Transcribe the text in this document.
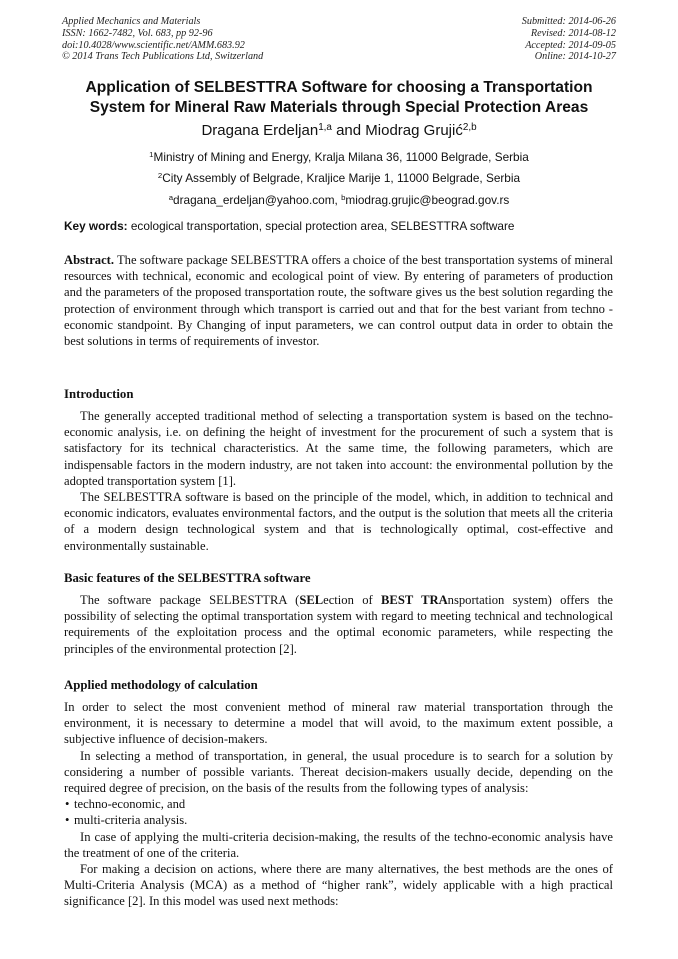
Applied Mechanics and Materials
ISSN: 1662-7482, Vol. 683, pp 92-96
doi:10.4028/www.scientific.net/AMM.683.92
© 2014 Trans Tech Publications Ltd, Switzerland
Submitted: 2014-06-26
Revised: 2014-08-12
Accepted: 2014-09-05
Online: 2014-10-27
Application of SELBESTTRA Software for choosing a Transportation
System for Mineral Raw Materials through Special Protection Areas
Dragana Erdeljan$^{1,a}$ and Miodrag Grujić$^{2,b}$
$^1$Ministry of Mining and Energy, Kralja Milana 36, 11000 Belgrade, Serbia
$^2$City Assembly of Belgrade, Kraljice Marije 1, 11000 Belgrade, Serbia
$^a$dragana_erdeljan@yahoo.com, $^b$miodrag.grujic@beograd.gov.rs
Key words: ecological transportation, special protection area, SELBESTTRA software

Abstract. The software package SELBESTTRA offers a choice of the best transportation systems of mineral resources with technical, economic and ecological point of view. By entering of parameters of production and the parameters of the proposed transportation route, the software gives us the best solution regarding the protection of environment through which transport is carried out and that for the best variant from techno - economic standpoint. By Changing of input parameters, we can control output data in order to obtain the best solutions in terms of requirements of investor.

Introduction

The generally accepted traditional method of selecting a transportation system is based on the techno-economic analysis, i.e. on defining the height of investment for the procurement of such a system that is satisfactory for its technical characteristics. At the same time, the following parameters, which are indispensable factors in the modern industry, are not taken into account: the environmental pollution by the adopted transportation system [1].

The SELBESTTRA software is based on the principle of the model, which, in addition to technical and economic indicators, evaluates environmental factors, and the output is the solution that meets all the criteria of a modern design technological system and that is technologically optimal, cost-effective and environmentally sustainable.

Basic features of the SELBESTTRA software

The software package SELBESTTRA (SELection of BEST TRAnsportation system) offers the possibility of selecting the optimal transportation system with regard to meeting technical and technological requirements of the exploitation process and the optimal economic parameters, while respecting the principles of the environmental protection [2].

Applied methodology of calculation

In order to select the most convenient method of mineral raw material transportation through the environment, it is necessary to determine a model that will avoid, to the maximum extent possible, a subjective influence of decision-makers.

In selecting a method of transportation, in general, the usual procedure is to search for a solution by considering a number of possible variants. Thereat decision-makers usually decide, depending on the required degree of precision, on the basis of the results from the following types of analysis:

• techno-economic, and
• multi-criteria analysis.

In case of applying the multi-criteria decision-making, the results of the techno-economic analysis have the treatment of one of the criteria.

For making a decision on actions, where there are many alternatives, the best methods are the ones of Multi-Criteria Analysis (MCA) as a method of “higher rank”, widely applicable with a high practical significance [2]. In this model was used next methods:
